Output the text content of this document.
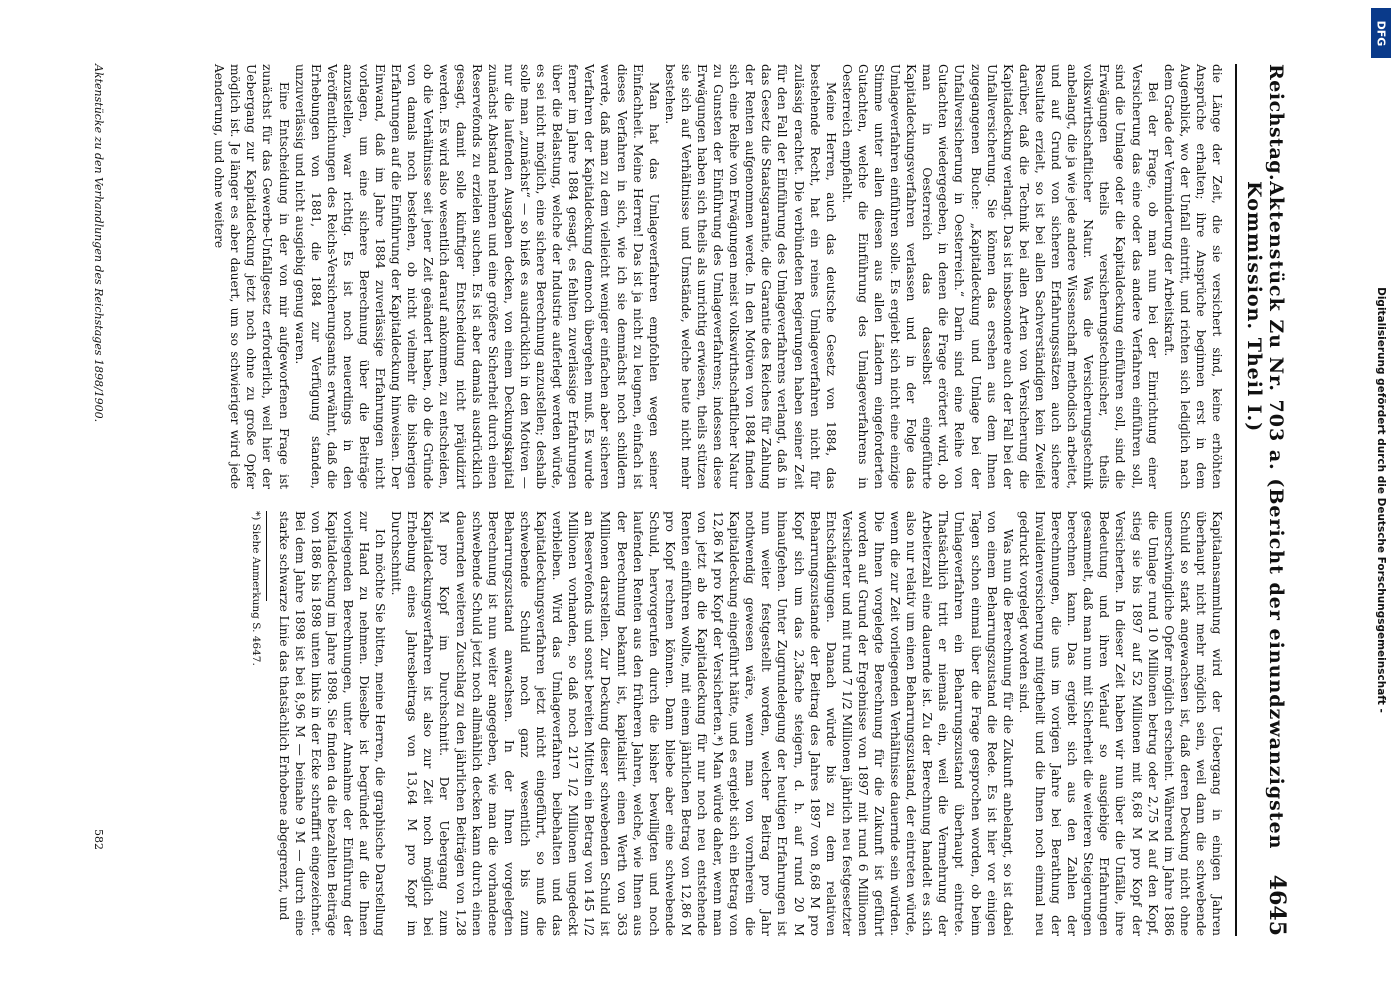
Reichstag.
Aktenstück Zu Nr. 703 a. (Bericht der einundzwanzigsten Kommission. Theil I.)
4645

die Länge der Zeit, die sie versichert sind, keine erhöhten Ansprüche erhalten; ihre Ansprüche beginnen erst in dem Augenblick, wo der Unfall eintritt, und richten sich lediglich nach dem Grade der Verminderung der Arbeitskraft.

Bei der Frage, ob man nun bei der Einrichtung einer Versicherung das eine oder das andere Verfahren einführen soll, sind die Umlage oder die Kapitaldeckung einführen soll, sind die Erwägungen theils versicherungstechnischer, theils volkswirthschaftlicher Natur. Was die Versicherungstechnik anbelangt, die ja wie jede andere Wissenschaft methodisch arbeitet, und auf Grund von sicheren Erfahrungssätzen auch sichere Resultate erzielt, so ist bei allen Sachverständigen kein Zweifel darüber, daß die Technik bei allen Arten von Versicherung die Kapitaldeckung verlangt. Das ist insbesondere auch der Fall bei der Unfallversicherung. Sie können das ersehen aus dem Ihnen zugegangenen Buche: „Kapitaldeckung und Umlage bei der Unfallversicherung in Oesterreich.“ Darin sind eine Reihe von Gutachten wiedergegeben, in denen die Frage erörtert wird, ob man in Oesterreich das dasselbst eingeführte Kapitaldeckungsverfahren verlassen und in der Folge das Umlageverfahren einführen solle. Es ergiebt sich nicht eine einzige Stimme unter allen diesen aus allen Ländern eingeforderten Gutachten, welche die Einführung des Umlageverfahrens in Oesterreich empfiehlt.

Meine Herren, auch das deutsche Gesetz von 1884, das bestehende Recht, hat ein reines Umlageverfahren nicht für zulässig erachtet. Die verbündeten Regierungen haben seiner Zeit für den Fall der Einführung des Umlageverfahrens verlangt, daß in das Gesetz die Staatsgarantie, die Garantie des Reiches für Zahlung der Renten aufgenommen werde. In den Motiven von 1884 finden sich eine Reihe von Erwägungen meist volkswirthschaftlicher Natur zu Gunsten der Einführung des Umlageverfahrens; indessen diese Erwägungen haben sich theils als unrichtig erwiesen, theils stützen sie sich auf Verhältnisse und Umstände, welche heute nicht mehr bestehen.

Man hat das Umlageverfahren empfohlen wegen seiner Einfachheit. Meine Herren! Das ist ja nicht zu leugnen, einfach ist dieses Verfahren in sich, wie ich sie demnächst noch schildern werde, daß man zu dem vielleicht weniger einfachen aber sicheren Verfahren der Kapitaldeckung dennoch übergehen muß. Es wurde ferner im Jahre 1884 gesagt, es fehlten zuverlässige Erfahrungen über die Belastung, welche der Industrie auferlegt werden würde, es sei nicht möglich, eine sichere Berechnung anzustellen; deshalb solle man „zunächst“ — so hieß es ausdrücklich in den Motiven — nur die laufenden Ausgaben decken, von einem Deckungskapital zunächst Abstand nehmen und eine größere Sicherheit durch einen Reservefonds zu erzielen suchen. Es ist aber damals ausdrücklich gesagt, damit solle künftiger Entscheidung nicht präjudizirt werden. Es wird also wesentlich darauf ankommen, zu entscheiden, ob die Verhältnisse seit jener Zeit geändert haben, ob die Gründe von damals noch bestehen, ob nicht vielmehr die bisherigen Erfahrungen auf die Einführung der Kapitaldeckung hinweisen. Der Einwand, daß im Jahre 1884 zuverlässige Erfahrungen nicht vorlagen, um eine sichere Berechnung über die Beiträge anzustellen, war richtig. Es ist noch neuerdings in den Veröffentlichungen des Reichs-Versicherungsamts erwähnt, daß die Erhebungen von 1881, die 1884 zur Verfügung standen, unzuverlässig und nicht ausgiebig genug waren.

Eine Entscheidung in der von mir aufgeworfenen Frage ist zunächst für das Gewerbe-Unfallgesetz erforderlich, weil hier der Uebergang zur Kapitaldeckung jetzt noch ohne zu große Opfer möglich ist. Je länger es aber dauert, um so schwieriger wird jede Aenderung, und ohne weitere

Kapitalansammlung wird der Uebergang in einigen Jahren überhaupt nicht mehr möglich sein, weil dann die schwebende Schuld so stark angewachsen ist, daß deren Deckung nicht ohne unerschwingliche Opfer möglich erscheint. Während im Jahre 1886 die Umlage rund 10 Millionen betrug oder 2,75 M auf den Kopf, stieg sie bis 1897 auf 52 Millionen mit 8,68 M pro Kopf der Versicherten. In dieser Zeit haben wir nun über die Unfälle, ihre Bedeutung und ihren Verlauf so ausgiebige Erfahrungen gesammelt, daß man nun mit Sicherheit die weiteren Steigerungen berechnen kann. Das ergiebt sich aus den Zahlen der Berechnungen, die uns im vorigen Jahre bei Berathung der Invalidenversicherung mitgetheilt und die Ihnen noch einmal neu gedruckt vorgelegt worden sind.

Was nun die Berechnung für die Zukunft anbelangt, so ist dabei von einem Beharrungszustand die Rede. Es ist hier vor einigen Tagen schon einmal über die Frage gesprochen worden, ob beim Umlageverfahren ein Beharrungszustand überhaupt eintrete. Thatsächlich tritt er niemals ein, weil die Vermehrung der Arbeiterzahl eine dauernde ist. Zu der Berechnung handelt es sich also nur relativ um einen Beharrungszustand, der eintreten würde, wenn die zur Zeit vorliegenden Verhältnisse dauernde sein würden. Die Ihnen vorgelegte Berechnung für die Zukunft ist geführt worden auf Grund der Ergebnisse von 1897 mit rund 6 Millionen Versicherter und mit rund 7 1/2 Millionen jährlich neu festgesetzter Entschädigungen. Danach würde bis zu dem relativen Beharrungszustande der Beitrag des Jahres 1897 von 8,68 M pro Kopf sich um das 2,3fache steigern, d. h. auf rund 20 M hinaufgehen. Unter Zugrundelegung der heutigen Erfahrungen ist nun weiter festgestellt worden, welcher Beitrag pro Jahr nothwendig gewesen wäre, wenn man von vornherein die Kapitaldeckung eingeführt hätte, und es ergiebt sich ein Betrag von 12,86 M pro Kopf der Versicherten.*) Man würde daher, wenn man von jetzt ab die Kapitaldeckung für nur noch neu entstehende Renten einführen wollte, mit einem jährlichen Betrag von 12,86 M pro Kopf rechnen können. Dann bliebe aber eine schwebende Schuld, hervorgerufen durch die bisher bewilligten und noch laufenden Renten aus den früheren Jahren, welche, wie Ihnen aus der Berechnung bekannt ist, kapitalisirt einen Werth von 363 Millionen darstellen. Zur Deckung dieser schwebenden Schuld ist an Reservefonds und sonst bereiten Mitteln ein Betrag von 145 1/2 Millionen vorhanden, so daß noch 217 1/2 Millionen ungedeckt verbleiben. Wird das Umlageverfahren beibehalten und das Kapitaldeckungsverfahren jetzt nicht eingeführt, so muß die schwebende Schuld noch ganz wesentlich bis zum Beharrungszustand anwachsen. In der Ihnen vorgelegten Berechnung ist nun weiter angegeben, wie man die vorhandene schwebende Schuld jetzt noch allmählich decken kann durch einen dauernden weiteren Zuschlag zu den jährlichen Beiträgen von 1,28 M pro Kopf im Durchschnitt. Der Uebergang zum Kapitaldeckungsverfahren ist also zur Zeit noch möglich bei Erhebung eines Jahresbeitrags von 13,64 M pro Kopf im Durchschnitt.

Ich möchte Sie bitten, meine Herren, die graphische Darstellung zur Hand zu nehmen. Dieselbe ist begründet auf die Ihnen vorliegenden Berechnungen, unter Annahme der Einführung der Kapitaldeckung im Jahre 1898. Sie finden da die bezahlten Beiträge von 1886 bis 1898 unten links in der Ecke schraffirt eingezeichnet. Bei dem Jahre 1898 ist bei 8,96 M — beinahe 9 M — durch eine starke schwarze Linie das thatsächlich Erhobene abgegrenzt, und

*) Siehe Anmerkung S. 4647.

Aktenstücke zu den Verhandlungen des Reichstages 1898/1900.
582
Digitalisierung gefördert durch die Deutsche Forschungsgemeinschaft -
DFG
